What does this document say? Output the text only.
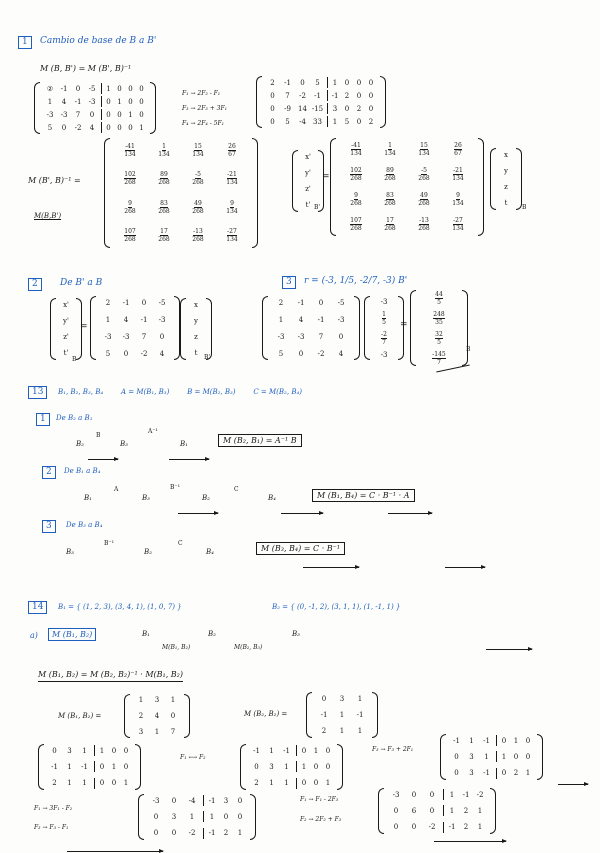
1	Cambio de base de B a B'
M (B, B') = M (B', B)⁻¹
② -1 0 -5 1 0 0 0
1 4 -1 -3 0 1 0 0
-3 -3 7 0 0 0 1 0
5 0 -2 4 0 0 0 1
F₁ → 2F₂ - F₁
F₃ → 2F₃ + 3F₁
F₄ → 2F₄ - 5F₁
2 -1 0 5 1 0 0 0
0 7 -2 -1 -1 2 0 0
0 -9 14 -15 3 0 2 0
0 5 -4 33 1 5 0 2
M (B', B)⁻¹ =
M(B,B')
$\frac{-41}{134}$	$\frac{1}{134}$	$\frac{15}{134}$	$\frac{26}{67}$
$\frac{102}{268}$	$\frac{89}{268}$	$\frac{-5}{268}$	$\frac{-21}{134}$
$\frac{9}{268}$	$\frac{83}{268}$	$\frac{49}{268}$	$\frac{9}{134}$
$\frac{107}{268}$	$\frac{17}{268}$	$\frac{-13}{268}$	$\frac{-27}{134}$
x'
y'
z'
t' B'
=
$\frac{-41}{134}$	$\frac{1}{134}$	$\frac{15}{134}$	$\frac{26}{67}$
$\frac{102}{268}$	$\frac{89}{268}$	$\frac{-5}{268}$	$\frac{-21}{134}$
$\frac{9}{268}$	$\frac{83}{268}$	$\frac{49}{268}$	$\frac{9}{134}$
$\frac{107}{268}$	$\frac{17}{268}$	$\frac{-13}{268}$	$\frac{-27}{134}$
x
y
z
t
B
2	De B' a B
x'
y'
z'
t'
B
=
2 -1 0 -5
1 4 -1 -3
-3 -3 7 0
5 0 -2 4
x
y
z
t
B'
3	r = (-3, 1/5, -2/7, -3) B'
2 -1 0 -5
1 4 -1 -3
-3 -3 7 0
5 0 -2 4
-3
$\frac{1}{5}$
$\frac{-2}{7}$
-3
=
$\frac{44}{5}$
$\frac{248}{35}$
$\frac{32}{5}$
$\frac{-145}{7}$
B
13	B₁, B₂, B₃, B₄        A = M(B₁, B₃)        B = M(B₂, B₃)        C = M(B₂, B₄)
1	De B₂ a B₁
B₂
B

B₃
A⁻¹

B₁	M (B₂, B₁) = A⁻¹ B
2	De B₁ a B₄
B₁
A

B₃
B⁻¹

B₂
C

B₄	M (B₁, B₄) = C · B⁻¹ · A
3	De B₃ a B₄
B₃
B⁻¹

B₂
C

B₄	M (B₃, B₄) = C · B⁻¹
14	B₁ = { (1, 2, 3), (3, 4, 1), (1, 0, 7) }	B₂ = { (0, -1, 2), (3, 1, 1), (1, -1, 1) }
a)	M (B₁, B₂)	B₁

M(B₁, B₂)
B₂

M(B₂, B₃)
B₃
M (B₁, B₂) = M (B₂, B₂)⁻¹ · M(B₁, B₂)
M (B₁, B₂) =
1 3 1
2 4 0
3 1 7
M (B₂, B₂) =
0 3 1
-1 1 -1
2 1 1
0 3 1 1 0 0
-1 1 -1 0 1 0
2 1 1 0 0 1
F₁ ⟷ F₂

-1 1 -1 0 1 0
0 3 1 1 0 0
2 1 1 0 0 1
F₃ → F₃ + 2F₁

-1 1 -1 0 1 0
0 3 1 1 0 0
0 3 -1 0 2 1

F₁ → 3F₁ - F₂

F₃ → F₃ - F₁
-3 0 -4 -1 3 0
0 3 1 1 0 0
0 0 -2 -1 2 1
F₁ → F₁ - 2F₃

F₂ → 2F₂ + F₃
-3 0 0 1 -1 -2
0 6 0 1 2 1
0 0 -2 -1 2 1
